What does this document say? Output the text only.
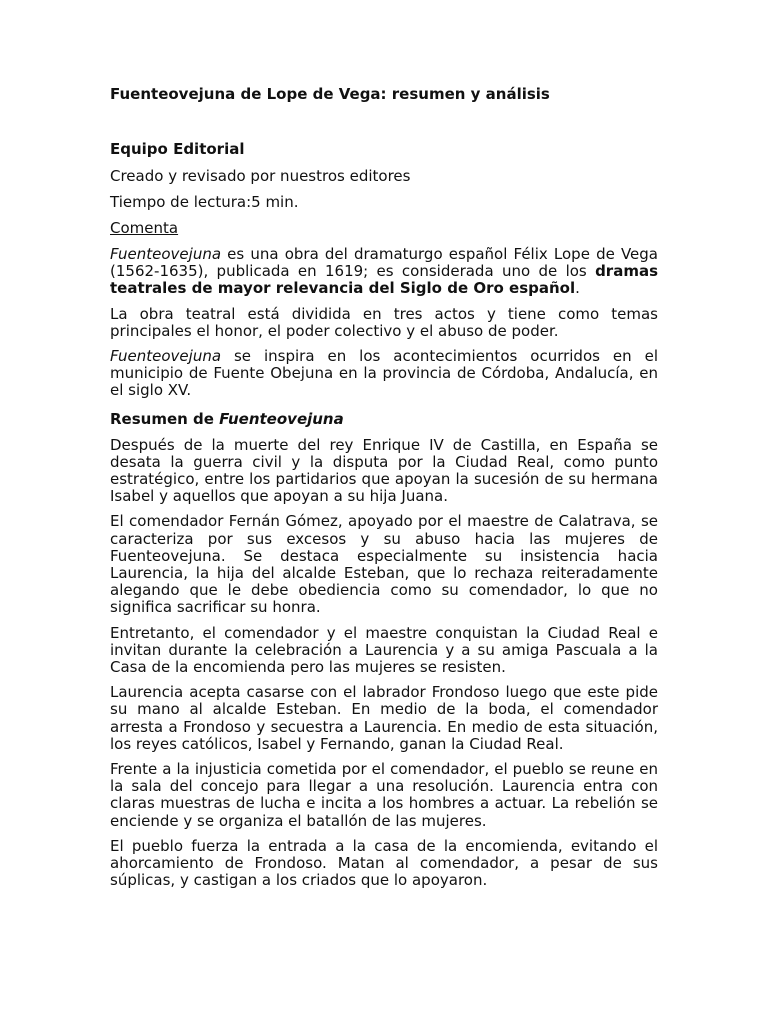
Fuenteovejuna de Lope de Vega: resumen y análisis
Equipo Editorial
Creado y revisado por nuestros editores
Tiempo de lectura:5 min.
Comenta

Fuenteovejuna es una obra del dramaturgo español Félix Lope de Vega (1562-1635), publicada en 1619; es considerada uno de los dramas teatrales de mayor relevancia del Siglo de Oro español.

La obra teatral está dividida en tres actos y tiene como temas principales el honor, el poder colectivo y el abuso de poder.

Fuenteovejuna se inspira en los acontecimientos ocurridos en el municipio de Fuente Obejuna en la provincia de Córdoba, Andalucía, en el siglo XV.

Resumen de Fuenteovejuna

Después de la muerte del rey Enrique IV de Castilla, en España se desata la guerra civil y la disputa por la Ciudad Real, como punto estratégico, entre los partidarios que apoyan la sucesión de su hermana Isabel y aquellos que apoyan a su hija Juana.

El comendador Fernán Gómez, apoyado por el maestre de Calatrava, se caracteriza por sus excesos y su abuso hacia las mujeres de Fuenteovejuna. Se destaca especialmente su insistencia hacia Laurencia, la hija del alcalde Esteban, que lo rechaza reiteradamente alegando que le debe obediencia como su comendador, lo que no significa sacrificar su honra.

Entretanto, el comendador y el maestre conquistan la Ciudad Real e invitan durante la celebración a Laurencia y a su amiga Pascuala a la Casa de la encomienda pero las mujeres se resisten.

Laurencia acepta casarse con el labrador Frondoso luego que este pide su mano al alcalde Esteban. En medio de la boda, el comendador arresta a Frondoso y secuestra a Laurencia. En medio de esta situación, los reyes católicos, Isabel y Fernando, ganan la Ciudad Real.

Frente a la injusticia cometida por el comendador, el pueblo se reune en la sala del concejo para llegar a una resolución. Laurencia entra con claras muestras de lucha e incita a los hombres a actuar. La rebelión se enciende y se organiza el batallón de las mujeres.

El pueblo fuerza la entrada a la casa de la encomienda, evitando el ahorcamiento de Frondoso. Matan al comendador, a pesar de sus súplicas, y castigan a los criados que lo apoyaron.
